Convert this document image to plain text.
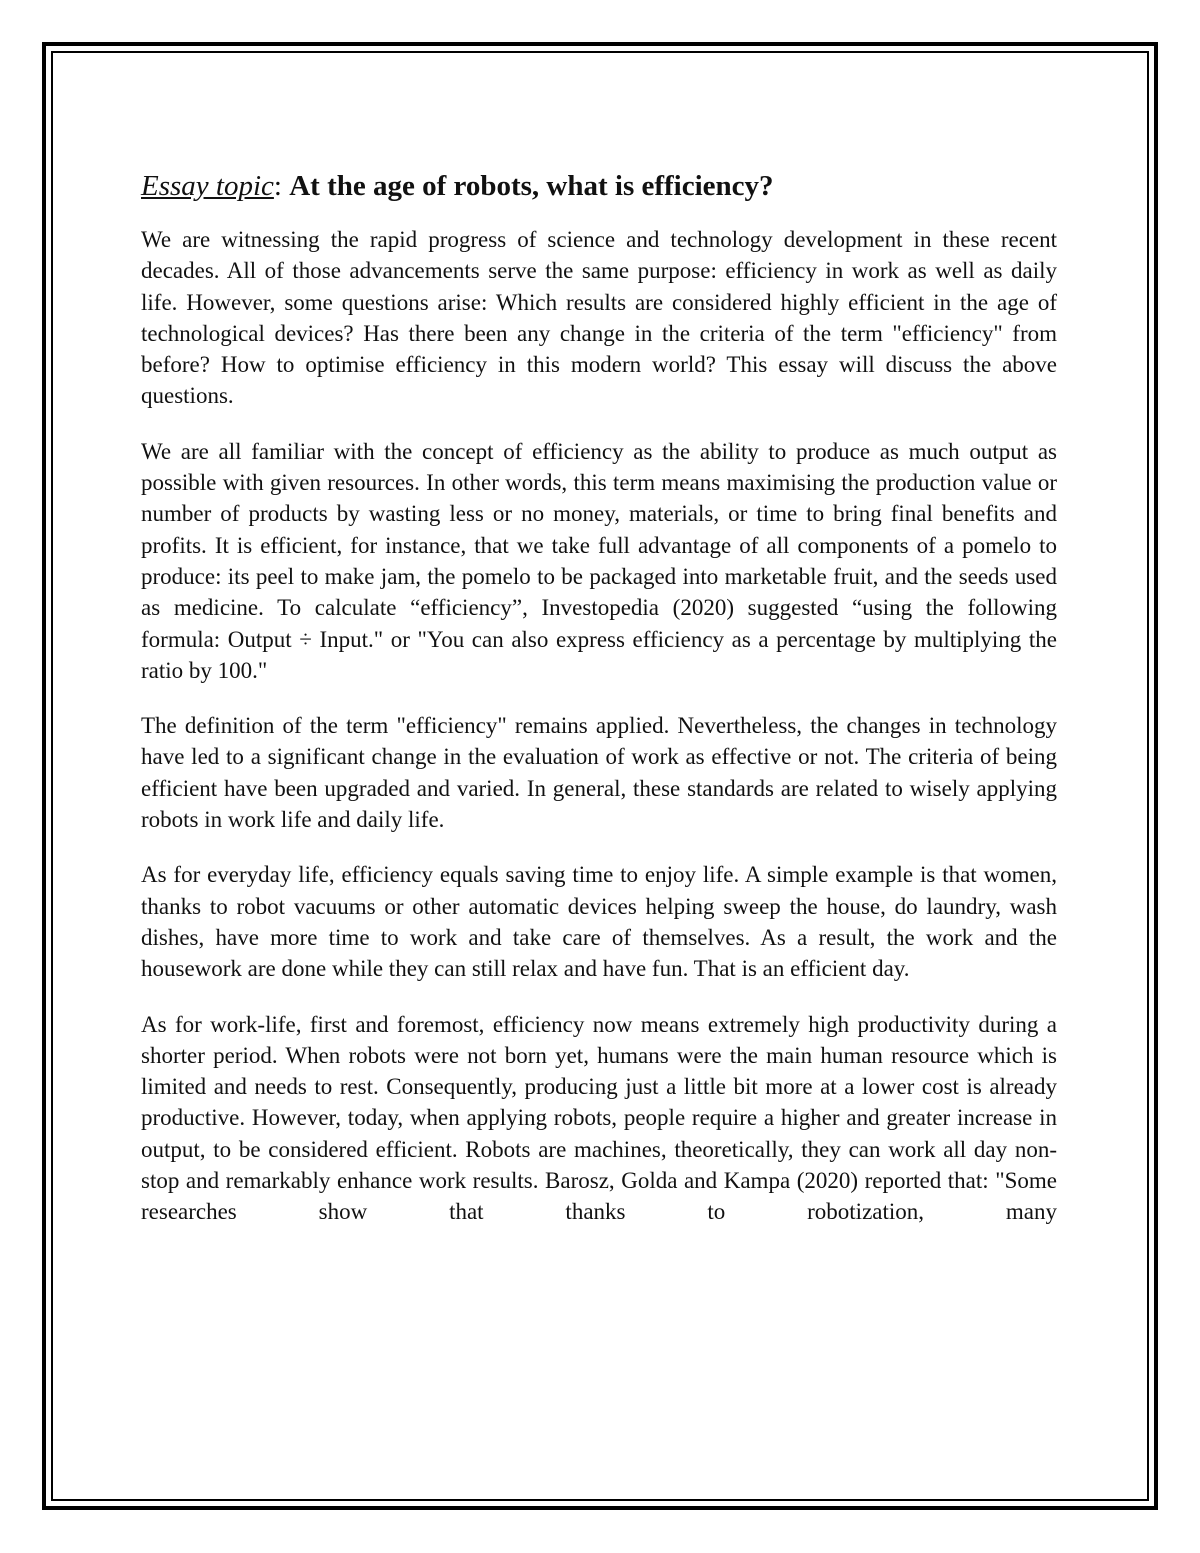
Essay topic: At the age of robots, what is efficiency?

We are witnessing the rapid progress of science and technology development in these recent decades. All of those advancements serve the same purpose: efficiency in work as well as daily life. However, some questions arise: Which results are considered highly efficient in the age of technological devices? Has there been any change in the criteria of the term "efficiency" from before? How to optimise efficiency in this modern world? This essay will discuss the above questions.

We are all familiar with the concept of efficiency as the ability to produce as much output as possible with given resources. In other words, this term means maximising the production value or number of products by wasting less or no money, materials, or time to bring final benefits and profits. It is efficient, for instance, that we take full advantage of all components of a pomelo to produce: its peel to make jam, the pomelo to be packaged into marketable fruit, and the seeds used as medicine. To calculate “efficiency”, Investopedia (2020) suggested “using the following formula: Output ÷ Input." or "You can also express efficiency as a percentage by multiplying the ratio by 100."

The definition of the term "efficiency" remains applied. Nevertheless, the changes in technology have led to a significant change in the evaluation of work as effective or not. The criteria of being efficient have been upgraded and varied. In general, these standards are related to wisely applying robots in work life and daily life.

As for everyday life, efficiency equals saving time to enjoy life. A simple example is that women, thanks to robot vacuums or other automatic devices helping sweep the house, do laundry, wash dishes, have more time to work and take care of themselves. As a result, the work and the housework are done while they can still relax and have fun. That is an efficient day.

As for work-life, first and foremost, efficiency now means extremely high productivity during a shorter period. When robots were not born yet, humans were the main human resource which is limited and needs to rest. Consequently, producing just a little bit more at a lower cost is already productive. However, today, when applying robots, people require a higher and greater increase in output, to be considered efficient. Robots are machines, theoretically, they can work all day non-stop and remarkably enhance work results. Barosz, Golda and Kampa (2020) reported that: "Some researches show that thanks to robotization, many
